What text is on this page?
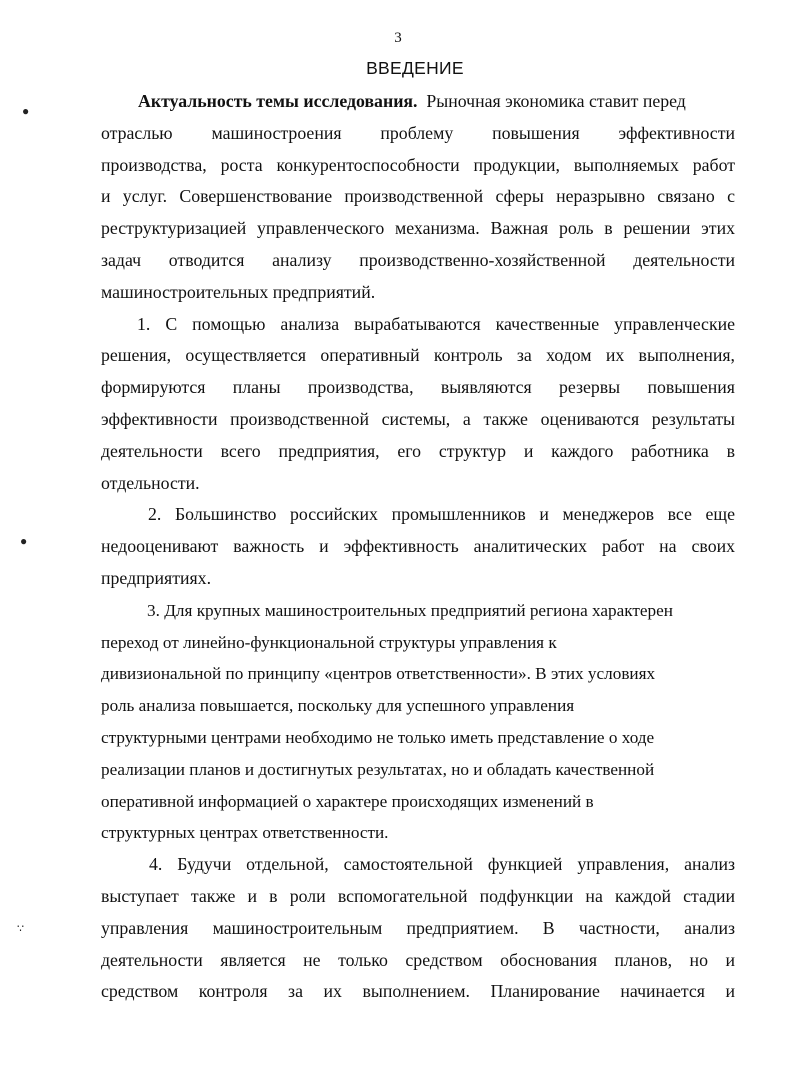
●
●
∵
3
ВВЕДЕНИЕ
Актуальность темы исследования.  Рыночная экономика ставит перед
отраслью машиностроения проблему повышения эффективности
производства, роста конкурентоспособности продукции, выполняемых работ
и услуг. Совершенствование производственной сферы неразрывно связано с
реструктуризацией управленческого механизма. Важная роль в решении этих
задач отводится анализу производственно-хозяйственной деятельности
машиностроительных предприятий.
1. С помощью анализа вырабатываются качественные управленческие
решения, осуществляется оперативный контроль за ходом их выполнения,
формируются планы производства, выявляются резервы повышения
эффективности производственной системы, а также оцениваются результаты
деятельности всего предприятия, его структур и каждого работника в
отдельности.
2. Большинство российских промышленников и менеджеров все еще
недооценивают важность и эффективность аналитических работ на своих
предприятиях.
3. Для крупных машиностроительных предприятий региона характерен
переход от линейно-функциональной структуры управления к
дивизиональной по принципу «центров ответственности». В этих условиях
роль анализа повышается, поскольку для успешного управления
структурными центрами необходимо не только иметь представление о ходе
реализации планов и достигнутых результатах, но и обладать качественной
оперативной информацией о характере происходящих изменений в
структурных центрах ответственности.
4. Будучи отдельной, самостоятельной функцией управления, анализ
выступает также и в роли вспомогательной подфункции на каждой стадии
управления машиностроительным предприятием. В частности, анализ
деятельности является не только средством обоснования планов, но и
средством контроля за их выполнением. Планирование начинается и
